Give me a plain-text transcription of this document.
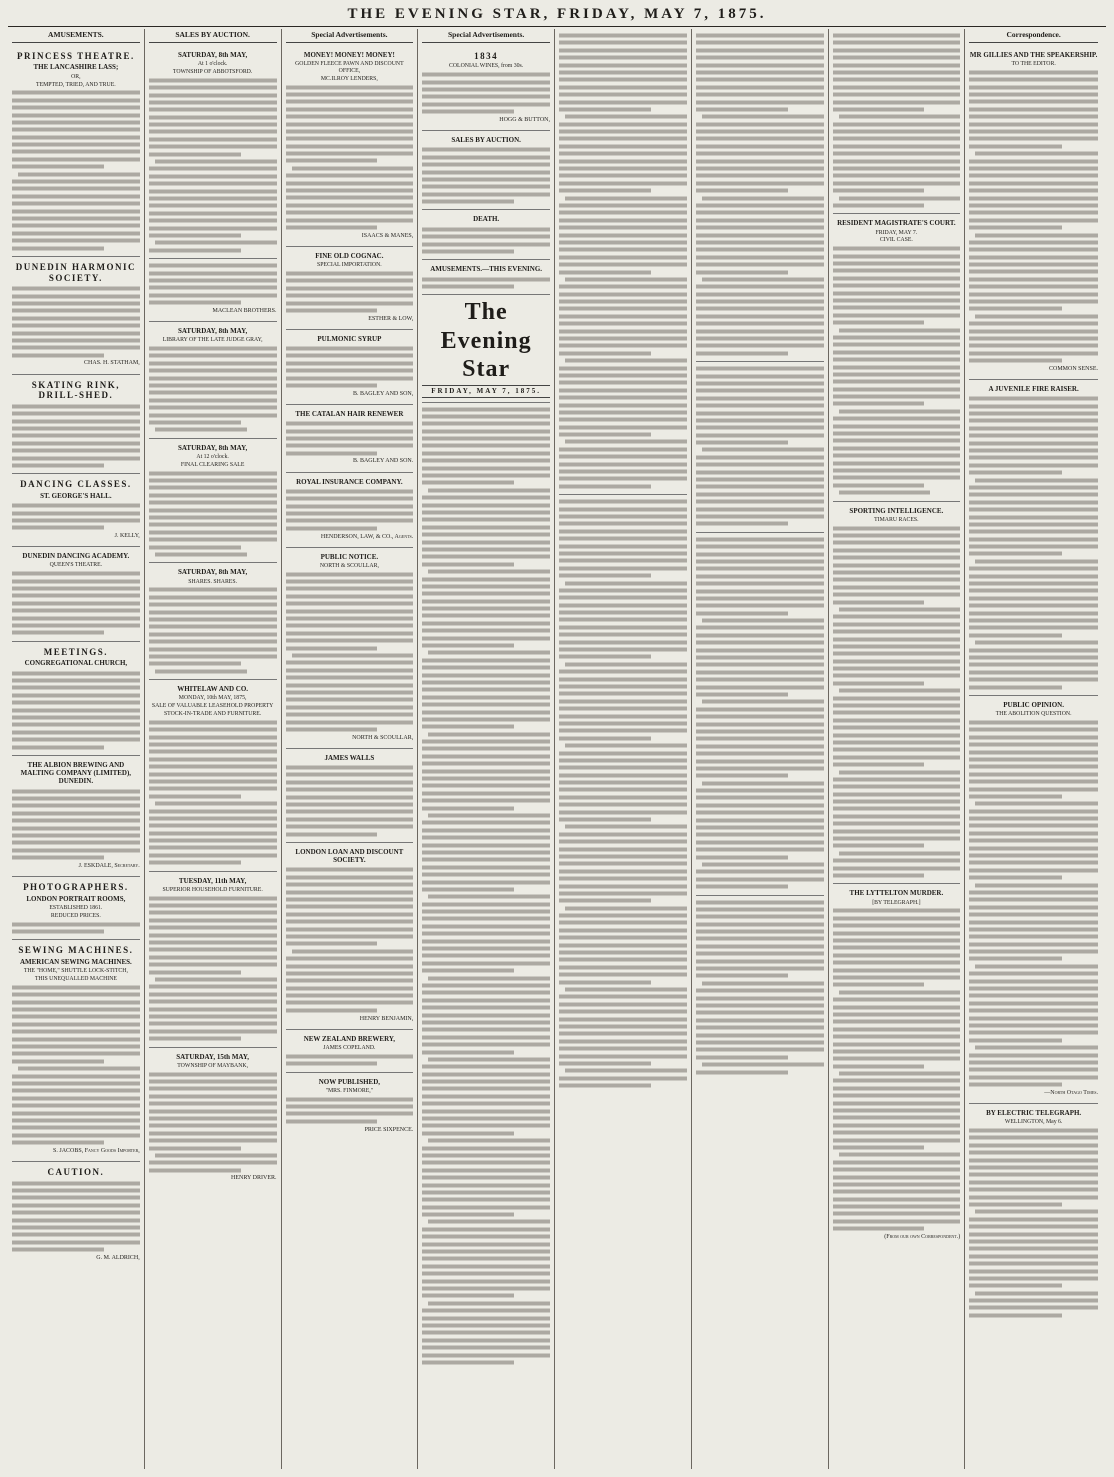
THE EVENING STAR, FRIDAY, MAY 7, 1875.
AMUSEMENTS.
PRINCESS THEATRE.
THE LANCASHIRE LASS;
OR,
TEMPTED, TRIED, AND TRUE.
DUNEDIN HARMONIC SOCIETY.
CHAS. H. STATHAM,
SKATING RINK, DRILL-SHED.
DANCING CLASSES.
ST. GEORGE'S HALL.
J. KELLY,
DUNEDIN DANCING ACADEMY.
QUEEN'S THEATRE.
MEETINGS.
CONGREGATIONAL CHURCH,
THE ALBION BREWING AND MALTING COMPANY (LIMITED), DUNEDIN.
J. ESKDALE, Secretary.
PHOTOGRAPHERS.
LONDON PORTRAIT ROOMS,
ESTABLISHED 1861.
REDUCED PRICES.
SEWING MACHINES.
AMERICAN SEWING MACHINES.
THE "HOME," SHUTTLE LOCK-STITCH,
THIS UNEQUALLED MACHINE
S. JACOBS, Fancy Goods Importer,
CAUTION.
G. M. ALDRICH,
SALES BY AUCTION.
SATURDAY, 8th MAY,
At 1 o'clock.
TOWNSHIP OF ABBOTSFORD.
MACLEAN BROTHERS.
SATURDAY, 8th MAY,
LIBRARY OF THE LATE JUDGE GRAY,
SATURDAY, 8th MAY,
At 12 o'clock.
FINAL CLEARING SALE
SATURDAY, 8th MAY,
SHARES. SHARES.
WHITELAW AND CO.
MONDAY, 10th MAY, 1875,
SALE OF VALUABLE LEASEHOLD PROPERTY
STOCK-IN-TRADE AND FURNITURE.
TUESDAY, 11th MAY,
SUPERIOR HOUSEHOLD FURNITURE.
SATURDAY, 15th MAY,
TOWNSHIP OF MAYBANK,
HENRY DRIVER.
Special Advertisements.
MONEY! MONEY! MONEY!
GOLDEN FLEECE PAWN AND DISCOUNT OFFICE,
MC.ILROY LENDERS,
ISAACS & MANES,
FINE OLD COGNAC.
SPECIAL IMPORTATION.
ESTHER & LOW,
PULMONIC SYRUP
B. BAGLEY AND SON,
THE CATALAN HAIR RENEWER
B. BAGLEY AND SON.
ROYAL INSURANCE COMPANY.
HENDERSON, LAW, & CO., Agents.
PUBLIC NOTICE.
NORTH & SCOULLAR,
NORTH & SCOULLAR,
JAMES WALLS
LONDON LOAN AND DISCOUNT SOCIETY.
HENRY BENJAMIN,
NEW ZEALAND BREWERY,
JAMES COPELAND.
NOW PUBLISHED,
"MRS. FINMORE,"
PRICE SIXPENCE.
Special Advertisements.
1834
COLONIAL WINES, from 30s.
HOGG & BUTTON,
SALES BY AUCTION.
DEATH.
AMUSEMENTS.—THIS EVENING.
The Evening Star
FRIDAY, MAY 7, 1875.
RESIDENT MAGISTRATE'S COURT.
FRIDAY, MAY 7.
CIVIL CASE.
SPORTING INTELLIGENCE.
TIMARU RACES.
THE LYTTELTON MURDER.
[BY TELEGRAPH.]
(From our own Correspondent.)
Correspondence.
MR GILLIES AND THE SPEAKERSHIP.
TO THE EDITOR.
COMMON SENSE.
A JUVENILE FIRE RAISER.
PUBLIC OPINION.
THE ABOLITION QUESTION.
—North Otago Times.
BY ELECTRIC TELEGRAPH.
WELLINGTON, May 6.
